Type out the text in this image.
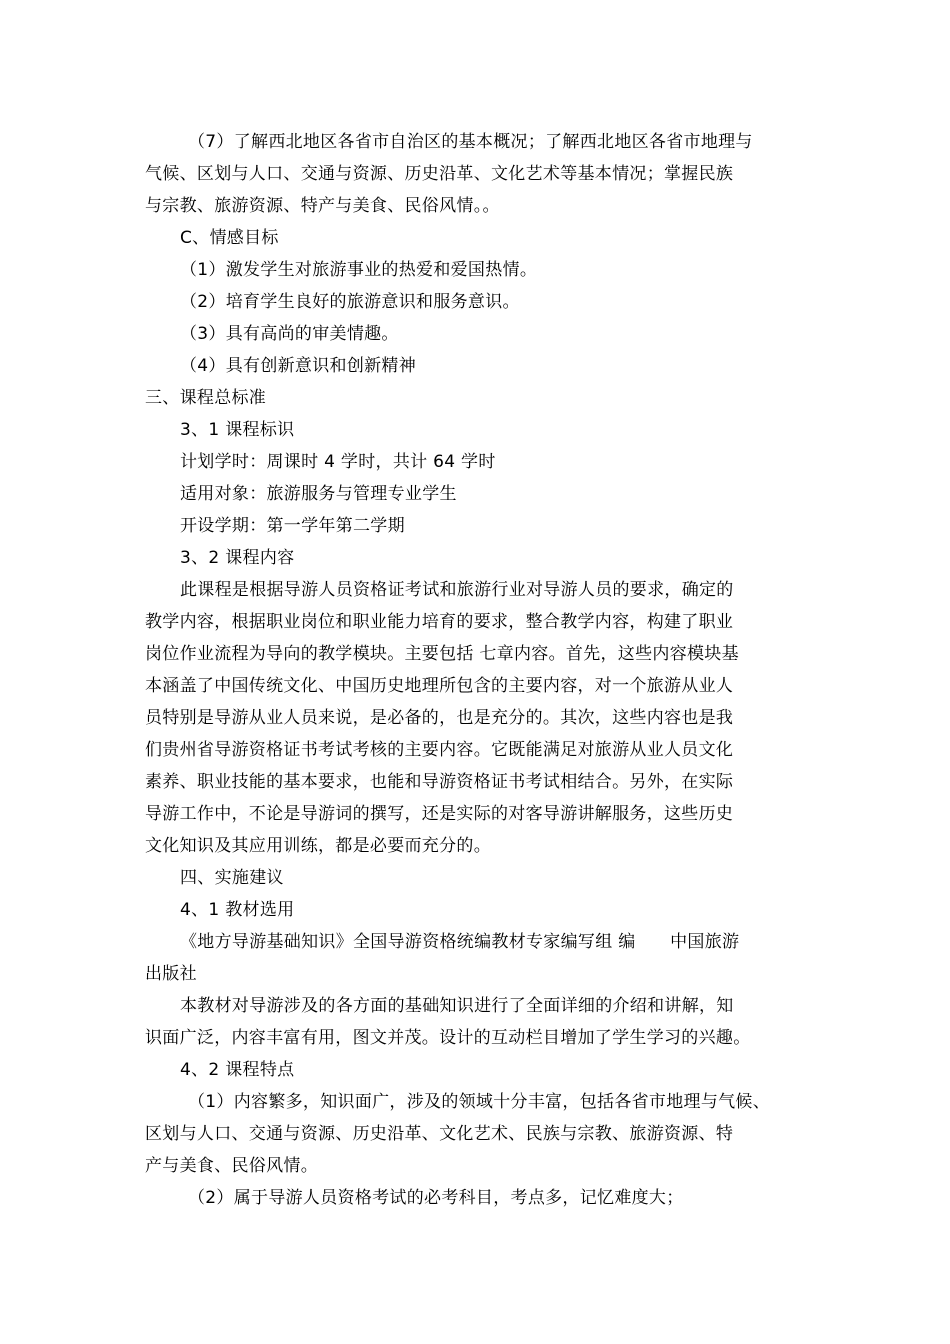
（7）了解西北地区各省市自治区的基本概况；了解西北地区各省市地理与
气候、区划与人口、交通与资源、历史沿革、文化艺术等基本情况；掌握民族
与宗教、旅游资源、特产与美食、民俗风情。。
C、情感目标
（1）激发学生对旅游事业的热爱和爱国热情。
（2）培育学生良好的旅游意识和服务意识。
（3）具有高尚的审美情趣。
（4）具有创新意识和创新精神
三、课程总标准
3、1 课程标识
计划学时：周课时 4 学时，共计 64 学时
适用对象：旅游服务与管理专业学生
开设学期：第一学年第二学期
3、2 课程内容
此课程是根据导游人员资格证考试和旅游行业对导游人员的要求，确定的
教学内容，根据职业岗位和职业能力培育的要求，整合教学内容，构建了职业
岗位作业流程为导向的教学模块。主要包括 七章内容。首先，这些内容模块基
本涵盖了中国传统文化、中国历史地理所包含的主要内容，对一个旅游从业人
员特别是导游从业人员来说，是必备的，也是充分的。其次，这些内容也是我
们贵州省导游资格证书考试考核的主要内容。它既能满足对旅游从业人员文化
素养、职业技能的基本要求，也能和导游资格证书考试相结合。另外，在实际
导游工作中，不论是导游词的撰写，还是实际的对客导游讲解服务，这些历史
文化知识及其应用训练，都是必要而充分的。
四、实施建议
4、1 教材选用
《地方导游基础知识》全国导游资格统编教材专家编写组 编　　中国旅游
出版社
本教材对导游涉及的各方面的基础知识进行了全面详细的介绍和讲解，知
识面广泛，内容丰富有用，图文并茂。设计的互动栏目增加了学生学习的兴趣。
4、2 课程特点
（1）内容繁多，知识面广，涉及的领域十分丰富，包括各省市地理与气候、
区划与人口、交通与资源、历史沿革、文化艺术、民族与宗教、旅游资源、特
产与美食、民俗风情。
（2）属于导游人员资格考试的必考科目，考点多，记忆难度大；
